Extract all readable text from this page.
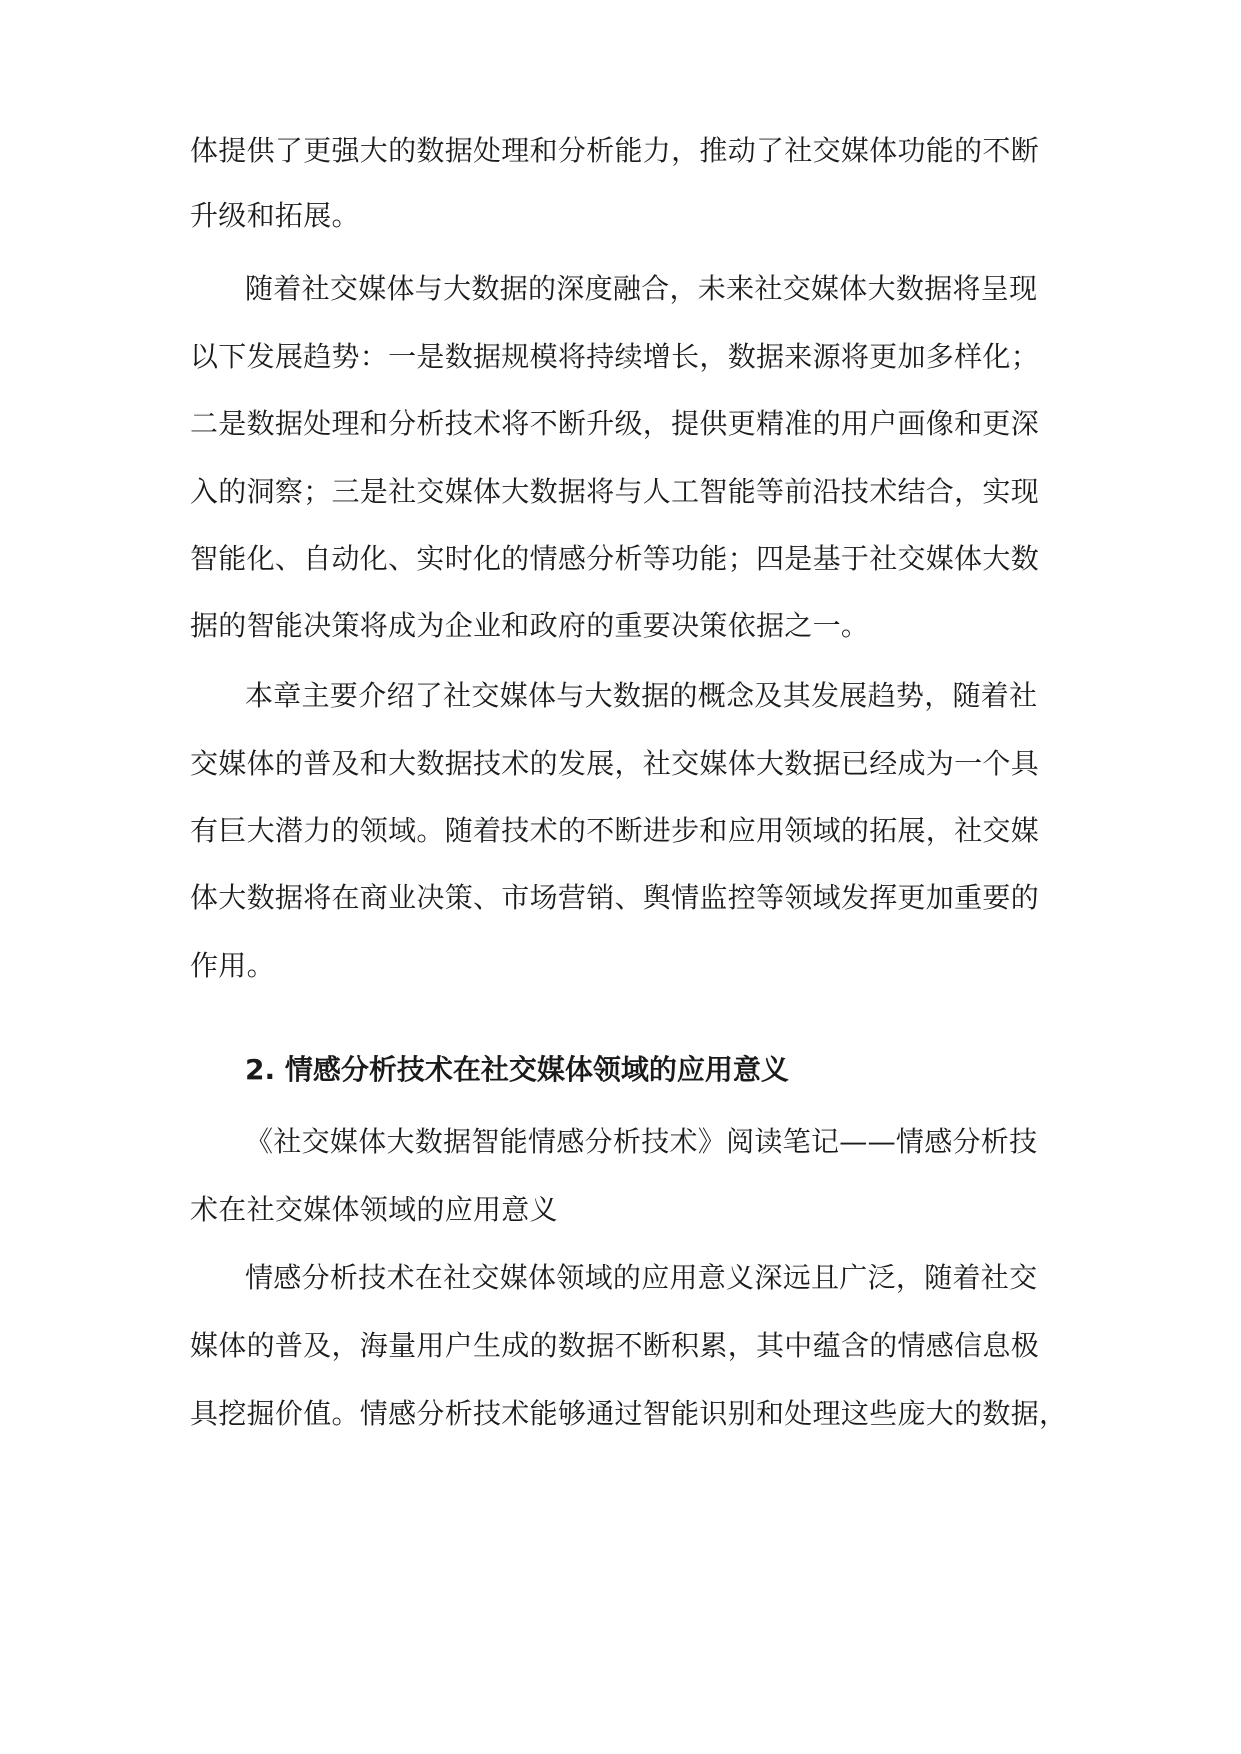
体提供了更强大的数据处理和分析能力，推动了社交媒体功能的不断
升级和拓展。
随着社交媒体与大数据的深度融合，未来社交媒体大数据将呈现
以下发展趋势：一是数据规模将持续增长，数据来源将更加多样化；
二是数据处理和分析技术将不断升级，提供更精准的用户画像和更深
入的洞察；三是社交媒体大数据将与人工智能等前沿技术结合，实现
智能化、自动化、实时化的情感分析等功能；四是基于社交媒体大数
据的智能决策将成为企业和政府的重要决策依据之一。
本章主要介绍了社交媒体与大数据的概念及其发展趋势，随着社
交媒体的普及和大数据技术的发展，社交媒体大数据已经成为一个具
有巨大潜力的领域。随着技术的不断进步和应用领域的拓展，社交媒
体大数据将在商业决策、市场营销、舆情监控等领域发挥更加重要的
作用。
2. 情感分析技术在社交媒体领域的应用意义
《社交媒体大数据智能情感分析技术》阅读笔记——情感分析技
术在社交媒体领域的应用意义
情感分析技术在社交媒体领域的应用意义深远且广泛，随着社交
媒体的普及，海量用户生成的数据不断积累，其中蕴含的情感信息极
具挖掘价值。情感分析技术能够通过智能识别和处理这些庞大的数据，
